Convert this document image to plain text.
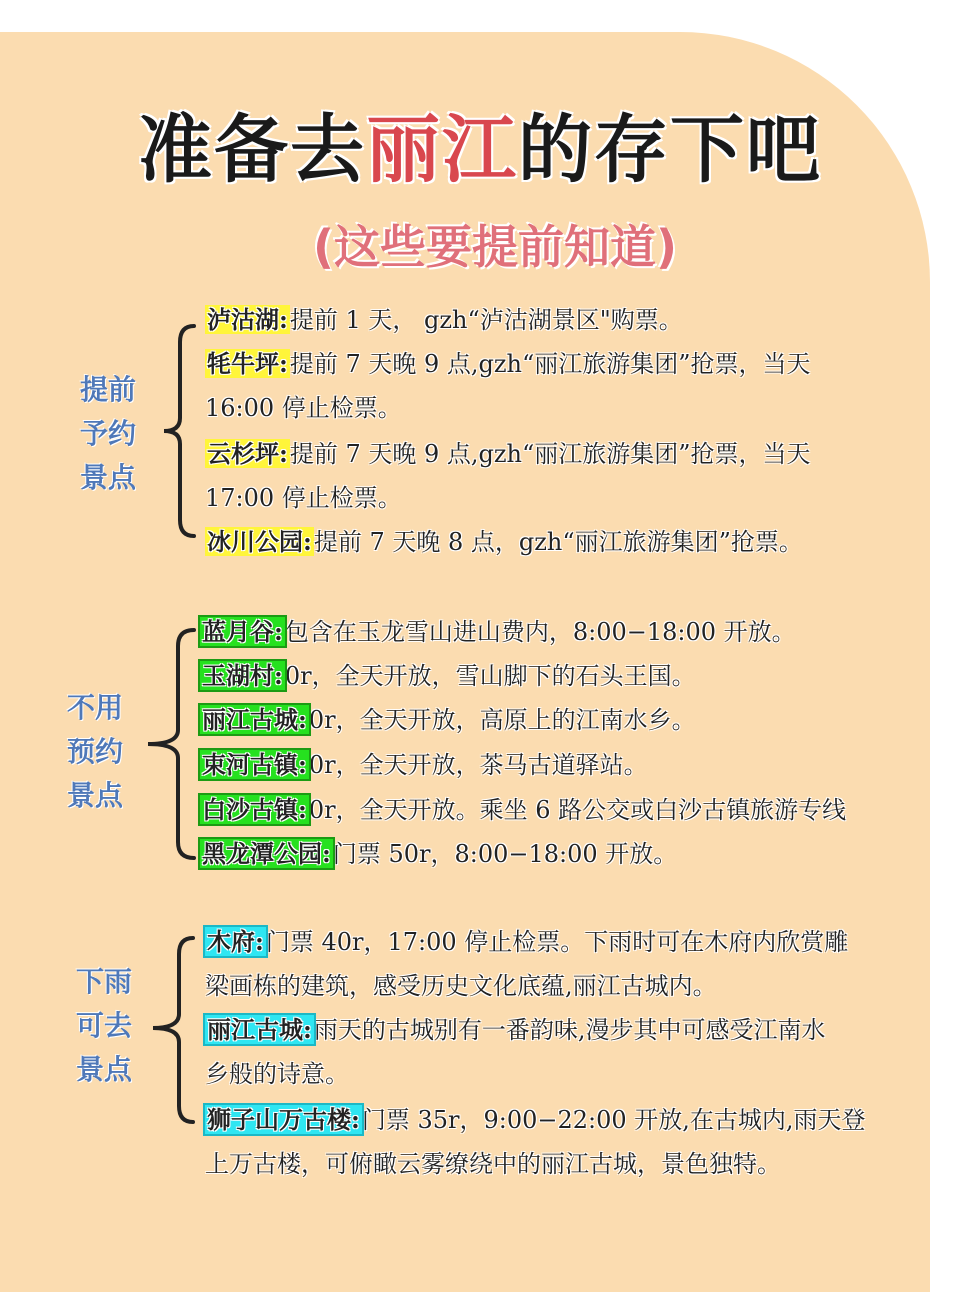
准备去丽江的存下吧
(这些要提前知道)
提前
予约
景点
泸沽湖:提前 1 天， gzh“泸沽湖景区"购票。
牦牛坪:提前 7 天晚 9 点,gzh“丽江旅游集团”抢票，当天
16:00 停止检票。
云杉坪:提前 7 天晚 9 点,gzh“丽江旅游集团”抢票，当天
17:00 停止检票。
冰川公园:提前 7 天晚 8 点，gzh“丽江旅游集团”抢票。
不用
预约
景点
蓝月谷:包含在玉龙雪山进山费内，8:00−18:00 开放。
玉湖村:0r，全天开放，雪山脚下的石头王国。
丽江古城:0r，全天开放，高原上的江南水乡。
束河古镇:0r，全天开放，茶马古道驿站。
白沙古镇:0r，全天开放。乘坐 6 路公交或白沙古镇旅游专线
黑龙潭公园:门票 50r，8:00−18:00 开放。
下雨
可去
景点
木府:门票 40r，17:00 停止检票。下雨时可在木府内欣赏雕
梁画栋的建筑，感受历史文化底蕴,丽江古城内。
丽江古城:雨天的古城别有一番韵味,漫步其中可感受江南水
乡般的诗意。
狮子山万古楼:门票 35r，9:00−22:00 开放,在古城内,雨天登
上万古楼，可俯瞰云雾缭绕中的丽江古城，景色独特。
